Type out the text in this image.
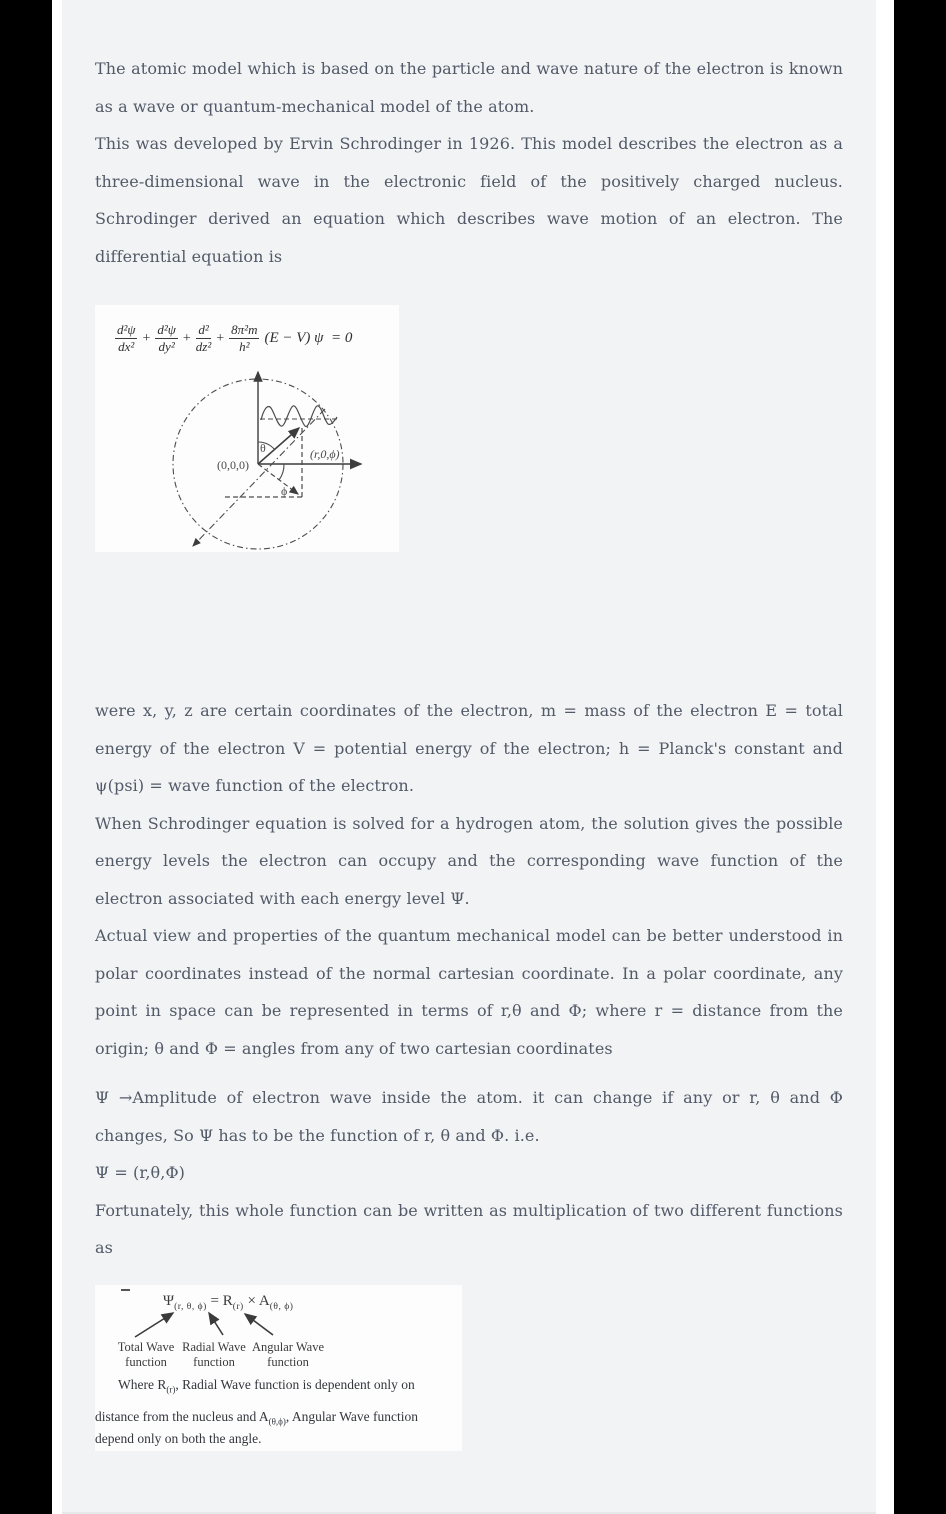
The atomic model which is based on the particle and wave nature of the electron is known as a wave or quantum-mechanical model of the atom.

This was developed by Ervin Schrodinger in 1926. This model describes the electron as a three-dimensional wave in the electronic field of the positively charged nucleus. Schrodinger derived an equation which describes wave motion of an electron. The differential equation is

$\frac{\text{d²ψ}}{\text{dx²}} + \frac{\text{d²ψ}}{\text{dy²}} + \frac{\text{d²}}{\text{dz²}} + \frac{\text{8π²m}}{\text{h²}} (E - V) \psi = 0$
(0,0,0)
(r,0,ϕ)
θ
ϕ

were x, y, z are certain coordinates of the electron, m = mass of the electron E = total energy of the electron V = potential energy of the electron; h = Planck's constant and ψ(psi) = wave function of the electron.

When Schrodinger equation is solved for a hydrogen atom, the solution gives the possible energy levels the electron can occupy and the corresponding wave function of the electron associated with each energy level Ψ.

Actual view and properties of the quantum mechanical model can be better understood in polar coordinates instead of the normal cartesian coordinate. In a polar coordinate, any point in space can be represented in terms of r,θ and Φ; where r = distance from the origin; θ and Φ = angles from any of two cartesian coordinates

Ψ →Amplitude of electron wave inside the atom. it can change if any or r, θ and Φ changes, So Ψ has to be the function of r, θ and Φ. i.e.

Ψ = (r,θ,Φ)

Fortunately, this whole function can be written as multiplication of two different functions as

$\Psi_{(r, \theta, \phi)} = R_{(r)} \times A_{(\theta, \phi)}$
Total Wave
function
Radial Wave
function
Angular Wave
function
Where $R_{(r)}$, Radial Wave function is dependent only on
distance from the nucleus and $A_{(\theta,\phi)}$, Angular Wave function
depend only on both the angle.
